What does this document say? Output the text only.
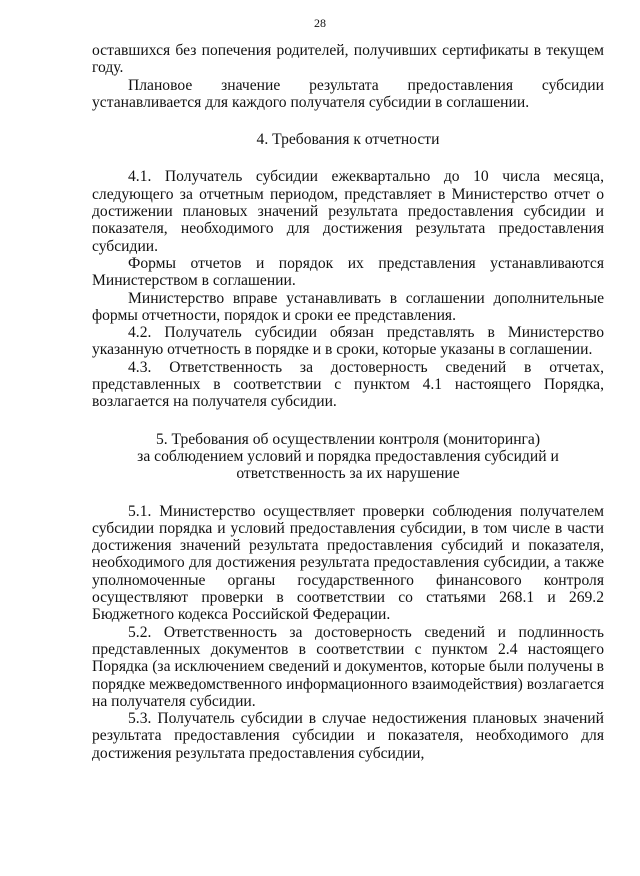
28

оставшихся без попечения родителей, получивших сертификаты в текущем году.

Плановое значение результата предоставления субсидии устанавливается для каждого получателя субсидии в соглашении.

4. Требования к отчетности

4.1. Получатель субсидии ежеквартально до 10 числа месяца, следующего за отчетным периодом, представляет в Министерство отчет о достижении плановых значений результата предоставления субсидии и показателя, необходимого для достижения результата предоставления субсидии.

Формы отчетов и порядок их представления устанавливаются Министерством в соглашении.

Министерство вправе устанавливать в соглашении дополнительные формы отчетности, порядок и сроки ее представления.

4.2. Получатель субсидии обязан представлять в Министерство указанную отчетность в порядке и в сроки, которые указаны в соглашении.

4.3. Ответственность за достоверность сведений в отчетах, представленных в соответствии с пунктом 4.1 настоящего Порядка, возлагается на получателя субсидии.

5. Требования об осуществлении контроля (мониторинга)
за соблюдением условий и порядка предоставления субсидий и
ответственность за их нарушение

5.1. Министерство осуществляет проверки соблюдения получателем субсидии порядка и условий предоставления субсидии, в том числе в части достижения значений результата предоставления субсидий и показателя, необходимого для достижения результата предоставления субсидии, а также уполномоченные органы государственного финансового контроля осуществляют проверки в соответствии со статьями 268.1 и 269.2 Бюджетного кодекса Российской Федерации.

5.2. Ответственность за достоверность сведений и подлинность представленных документов в соответствии с пунктом 2.4 настоящего Порядка (за исключением сведений и документов, которые были получены в порядке межведомственного информационного взаимодействия) возлагается на получателя субсидии.

5.3. Получатель субсидии в случае недостижения плановых значений результата предоставления субсидии и показателя, необходимого для достижения результата предоставления субсидии,
